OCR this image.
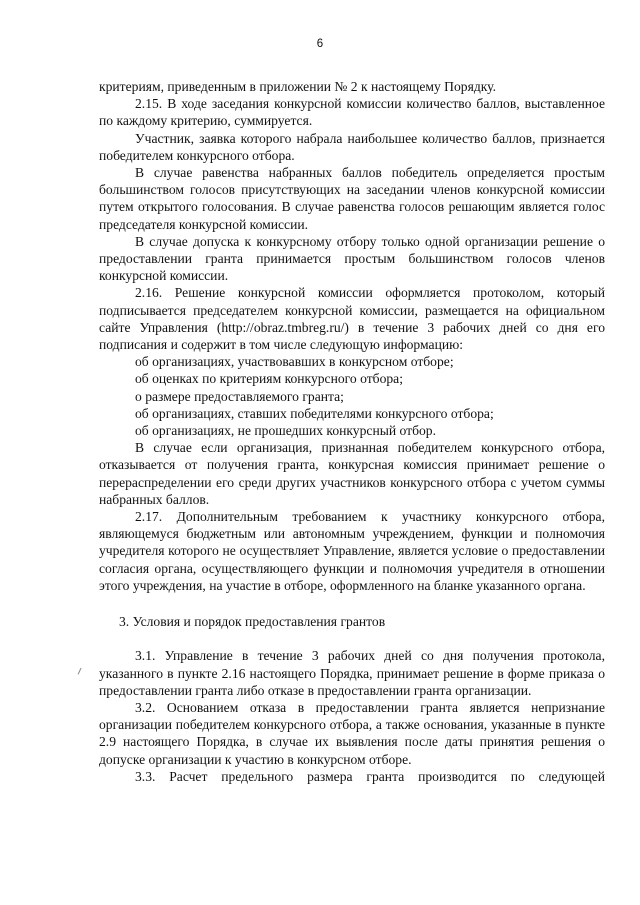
6

критериям, приведенным в приложении № 2 к настоящему Порядку.

2.15. В ходе заседания конкурсной комиссии количество баллов, выставленное по каждому критерию, суммируется.

Участник, заявка которого набрала наибольшее количество баллов, признается победителем конкурсного отбора.

В случае равенства набранных баллов победитель определяется простым большинством голосов присутствующих на заседании членов конкурсной комиссии путем открытого голосования. В случае равенства голосов решающим является голос председателя конкурсной комиссии.

В случае допуска к конкурсному отбору только одной организации решение о предоставлении гранта принимается простым большинством голосов членов конкурсной комиссии.

2.16. Решение конкурсной комиссии оформляется протоколом, который подписывается председателем конкурсной комиссии, размещается на официальном сайте Управления (http://obraz.tmbreg.ru/) в течение 3 рабочих дней со дня его подписания и содержит в том числе следующую информацию:

об организациях, участвовавших в конкурсном отборе;

об оценках по критериям конкурсного отбора;

о размере предоставляемого гранта;

об организациях, ставших победителями конкурсного отбора;

об организациях, не прошедших конкурсный отбор.

В случае если организация, признанная победителем конкурсного отбора, отказывается от получения гранта, конкурсная комиссия принимает решение о перераспределении его среди других участников конкурсного отбора с учетом суммы набранных баллов.

2.17. Дополнительным требованием к участнику конкурсного отбора, являющемуся бюджетным или автономным учреждением, функции и полномочия учредителя которого не осуществляет Управление, является условие о предоставлении согласия органа, осуществляющего функции и полномочия учредителя в отношении этого учреждения, на участие в отборе, оформленного на бланке указанного органа.

3. Условия и порядок предоставления грантов

3.1. Управление в течение 3 рабочих дней со дня получения протокола, указанного в пункте 2.16 настоящего Порядка, принимает решение в форме приказа о предоставлении гранта либо отказе в предоставлении гранта организации.

3.2. Основанием отказа в предоставлении гранта является непризнание организации победителем конкурсного отбора, а также основания, указанные в пункте 2.9 настоящего Порядка, в случае их выявления после даты принятия решения о допуске организации к участию в конкурсном отборе.

3.3. Расчет предельного размера гранта производится по следующей
